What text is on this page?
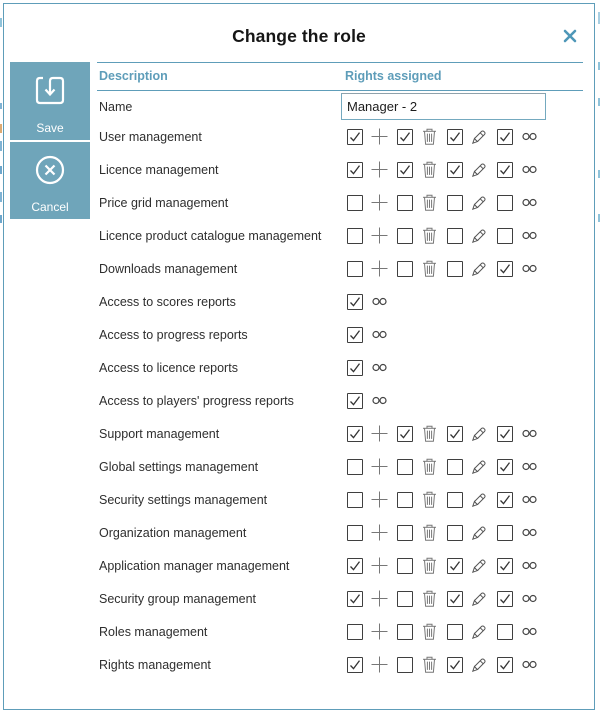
Change the role
Save
Cancel
Description	Rights assigned
Name
Manager - 2
User management
Licence management
Price grid management
Licence product catalogue management
Downloads management
Access to scores reports
Access to progress reports
Access to licence reports
Access to players' progress reports
Support management
Global settings management
Security settings management
Organization management
Application manager management
Security group management
Roles management
Rights management
